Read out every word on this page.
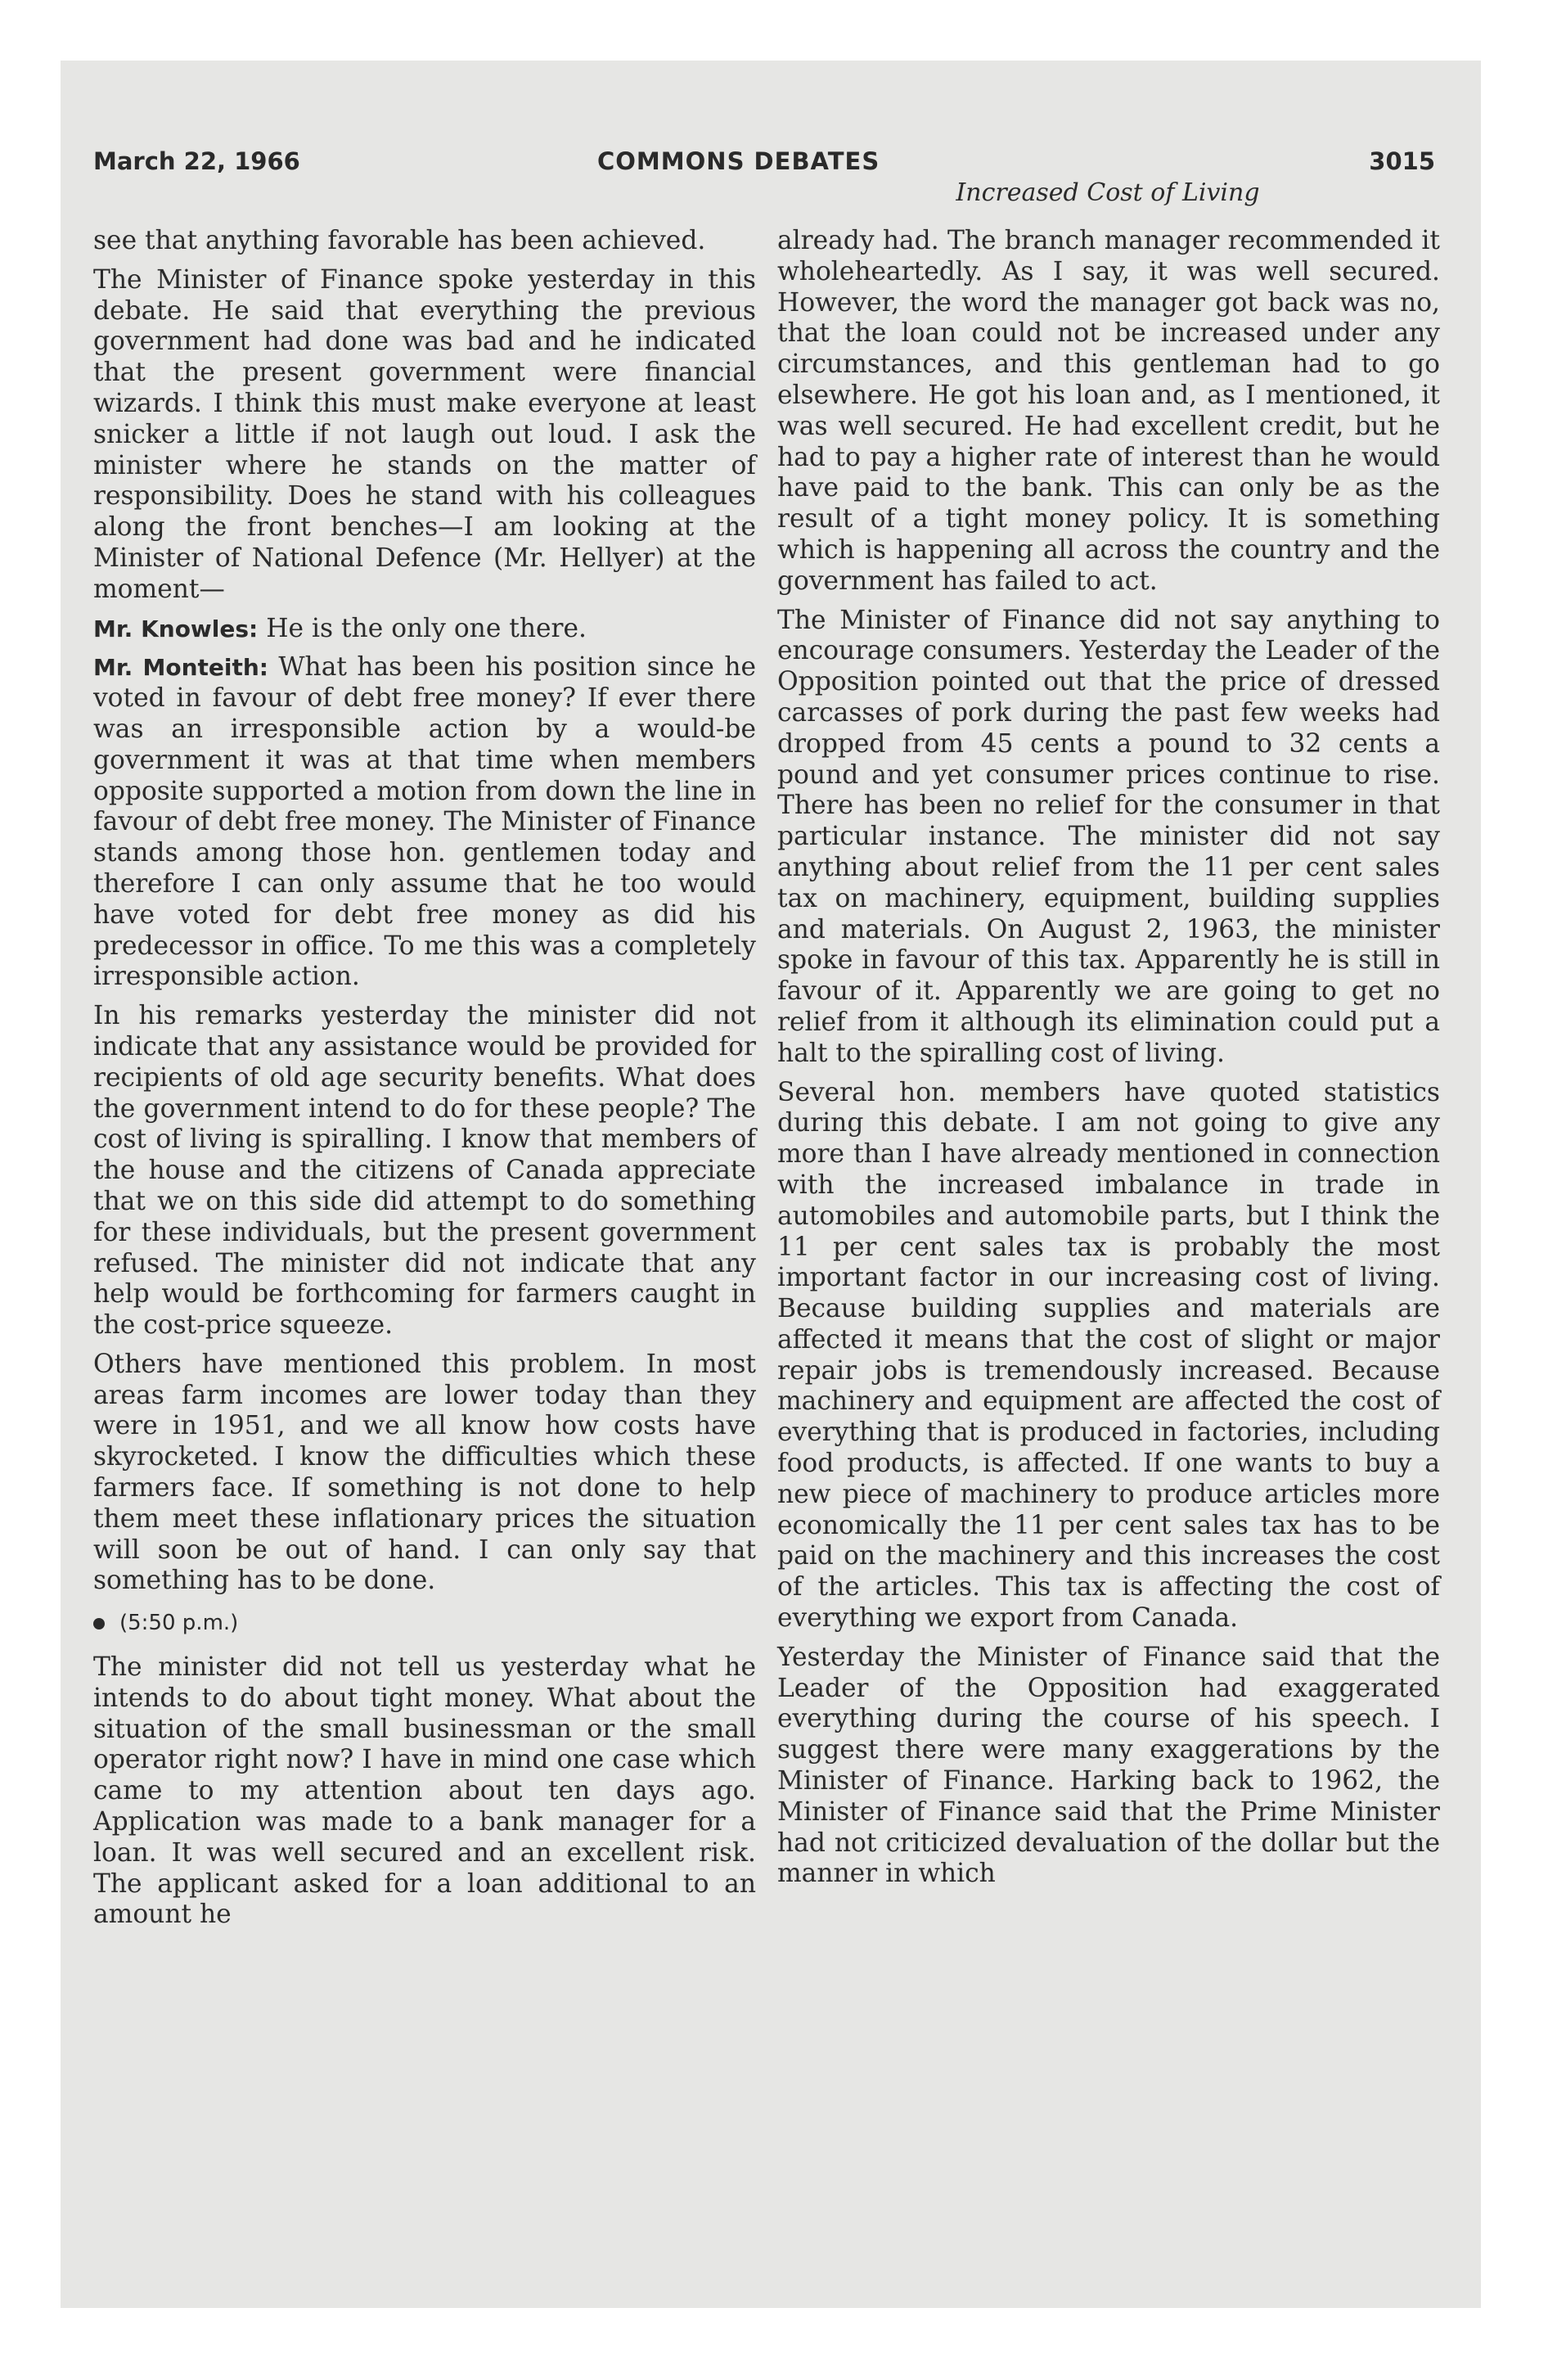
March 22, 1966	COMMONS DEBATES	3015
Increased Cost of Living

see that anything favorable has been achieved.

The Minister of Finance spoke yesterday in this debate. He said that everything the previous government had done was bad and he indicated that the present government were financial wizards. I think this must make everyone at least snicker a little if not laugh out loud. I ask the minister where he stands on the matter of responsibility. Does he stand with his colleagues along the front benches—I am looking at the Minister of National Defence (Mr. Hellyer) at the moment—

Mr. Knowles: He is the only one there.

Mr. Monteith: What has been his position since he voted in favour of debt free money? If ever there was an irresponsible action by a would-be government it was at that time when members opposite supported a motion from down the line in favour of debt free money. The Minister of Finance stands among those hon. gentlemen today and therefore I can only assume that he too would have voted for debt free money as did his predecessor in office. To me this was a completely irresponsible action.

In his remarks yesterday the minister did not indicate that any assistance would be provided for recipients of old age security benefits. What does the government intend to do for these people? The cost of living is spiralling. I know that members of the house and the citizens of Canada appreciate that we on this side did attempt to do something for these individuals, but the present government refused. The minister did not indicate that any help would be forthcoming for farmers caught in the cost-price squeeze.

Others have mentioned this problem. In most areas farm incomes are lower today than they were in 1951, and we all know how costs have skyrocketed. I know the difficulties which these farmers face. If something is not done to help them meet these inflationary prices the situation will soon be out of hand. I can only say that something has to be done.

(5:50 p.m.)

The minister did not tell us yesterday what he intends to do about tight money. What about the situation of the small businessman or the small operator right now? I have in mind one case which came to my attention about ten days ago. Application was made to a bank manager for a loan. It was well secured and an excellent risk. The applicant asked for a loan additional to an amount he

already had. The branch manager recommended it wholeheartedly. As I say, it was well secured. However, the word the manager got back was no, that the loan could not be increased under any circumstances, and this gentleman had to go elsewhere. He got his loan and, as I mentioned, it was well secured. He had excellent credit, but he had to pay a higher rate of interest than he would have paid to the bank. This can only be as the result of a tight money policy. It is something which is happening all across the country and the government has failed to act.

The Minister of Finance did not say anything to encourage consumers. Yesterday the Leader of the Opposition pointed out that the price of dressed carcasses of pork during the past few weeks had dropped from 45 cents a pound to 32 cents a pound and yet consumer prices continue to rise. There has been no relief for the consumer in that particular instance. The minister did not say anything about relief from the 11 per cent sales tax on machinery, equipment, building supplies and materials. On August 2, 1963, the minister spoke in favour of this tax. Apparently he is still in favour of it. Apparently we are going to get no relief from it although its elimination could put a halt to the spiralling cost of living.

Several hon. members have quoted statistics during this debate. I am not going to give any more than I have already mentioned in connection with the increased imbalance in trade in automobiles and automobile parts, but I think the 11 per cent sales tax is probably the most important factor in our increasing cost of living. Because building supplies and materials are affected it means that the cost of slight or major repair jobs is tremendously increased. Because machinery and equipment are affected the cost of everything that is produced in factories, including food products, is affected. If one wants to buy a new piece of machinery to produce articles more economically the 11 per cent sales tax has to be paid on the machinery and this increases the cost of the articles. This tax is affecting the cost of everything we export from Canada.

Yesterday the Minister of Finance said that the Leader of the Opposition had exaggerated everything during the course of his speech. I suggest there were many exaggerations by the Minister of Finance. Harking back to 1962, the Minister of Finance said that the Prime Minister had not criticized devaluation of the dollar but the manner in which
